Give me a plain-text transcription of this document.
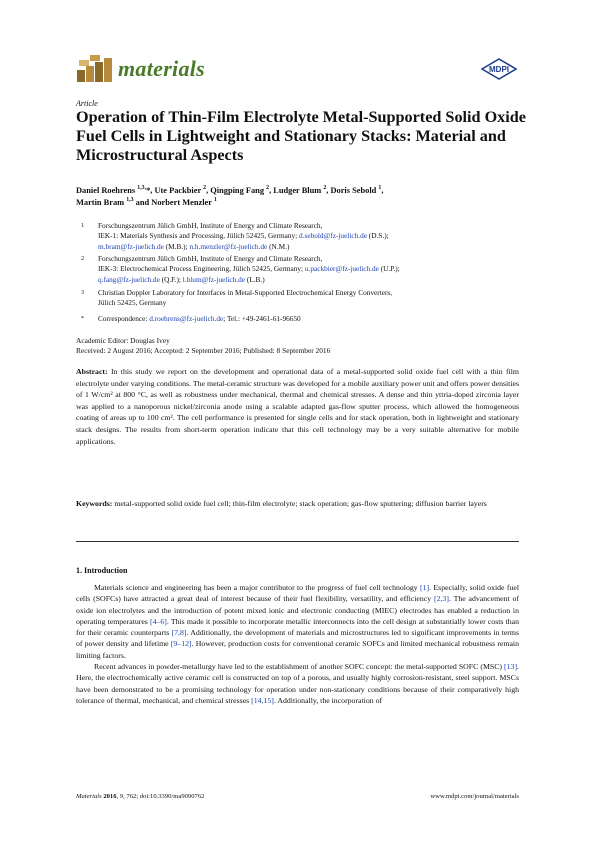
materials	MDPI
Article
Operation of Thin-Film Electrolyte Metal-Supported Solid Oxide Fuel Cells in Lightweight and Stationary Stacks: Material and Microstructural Aspects
Daniel Roehrens $^{1,3,}$*, Ute Packbier $^2$, Qingping Fang $^2$, Ludger Blum $^2$, Doris Sebold $^1$,
Martin Bram $^{1,3}$ and Norbert Menzler $^1$
1 Forschungszentrum Jülich GmbH, Institute of Energy and Climate Research,
IEK-1: Materials Synthesis and Processing, Jülich 52425, Germany; d.sebold@fz-juelich.de (D.S.);
m.bram@fz-juelich.de (M.B.); n.h.menzler@fz-juelich.de (N.M.)
2 Forschungszentrum Jülich GmbH, Institute of Energy and Climate Research,
IEK-3: Electrochemical Process Engineering, Jülich 52425, Germany; u.packbier@fz-juelich.de (U.P.);
q.fang@fz-juelich.de (Q.F.); l.blum@fz-juelich.de (L.B.)
3 Christian Doppler Laboratory for Interfaces in Metal-Supported Electrochemical Energy Converters,
Jülich 52425, Germany
* Correspondence: d.roehrens@fz-juelich.de; Tel.: +49-2461-61-96650
Academic Editor: Douglas Ivey
Received: 2 August 2016; Accepted: 2 September 2016; Published: 8 September 2016
Abstract: In this study we report on the development and operational data of a metal-supported solid oxide fuel cell with a thin film electrolyte under varying conditions. The metal-ceramic structure was developed for a mobile auxiliary power unit and offers power densities of 1 W/cm² at 800 °C, as well as robustness under mechanical, thermal and chemical stresses. A dense and thin yttria-doped zirconia layer was applied to a nanoporous nickel/zirconia anode using a scalable adapted gas-flow sputter process, which allowed the homogeneous coating of areas up to 100 cm². The cell performance is presented for single cells and for stack operation, both in lightweight and stationary stack designs. The results from short-term operation indicate that this cell technology may be a very suitable alternative for mobile applications.
Keywords: metal-supported solid oxide fuel cell; thin-film electrolyte; stack operation; gas-flow sputtering; diffusion barrier layers
1. Introduction

Materials science and engineering has been a major contributor to the progress of fuel cell technology [1]. Especially, solid oxide fuel cells (SOFCs) have attracted a great deal of interest because of their fuel flexibility, versatility, and efficiency [2,3]. The advancement of oxide ion electrolytes and the introduction of potent mixed ionic and electronic conducting (MIEC) electrodes has enabled a reduction in operating temperatures [4–6]. This made it possible to incorporate metallic interconnects into the cell design at substantially lower costs than for their ceramic counterparts [7,8]. Additionally, the development of materials and microstructures led to significant improvements in terms of power density and lifetime [9–12]. However, production costs for conventional ceramic SOFCs and limited mechanical robustness remain limiting factors.

Recent advances in powder-metallurgy have led to the establishment of another SOFC concept: the metal-supported SOFC (MSC) [13]. Here, the electrochemically active ceramic cell is constructed on top of a porous, and usually highly corrosion-resistant, steel support. MSCs have been demonstrated to be a promising technology for operation under non-stationary conditions because of their comparatively high tolerance of thermal, mechanical, and chemical stresses [14,15]. Additionally, the incorporation of

Materials 2016, 9, 762; doi:10.3390/ma9090762	www.mdpi.com/journal/materials
